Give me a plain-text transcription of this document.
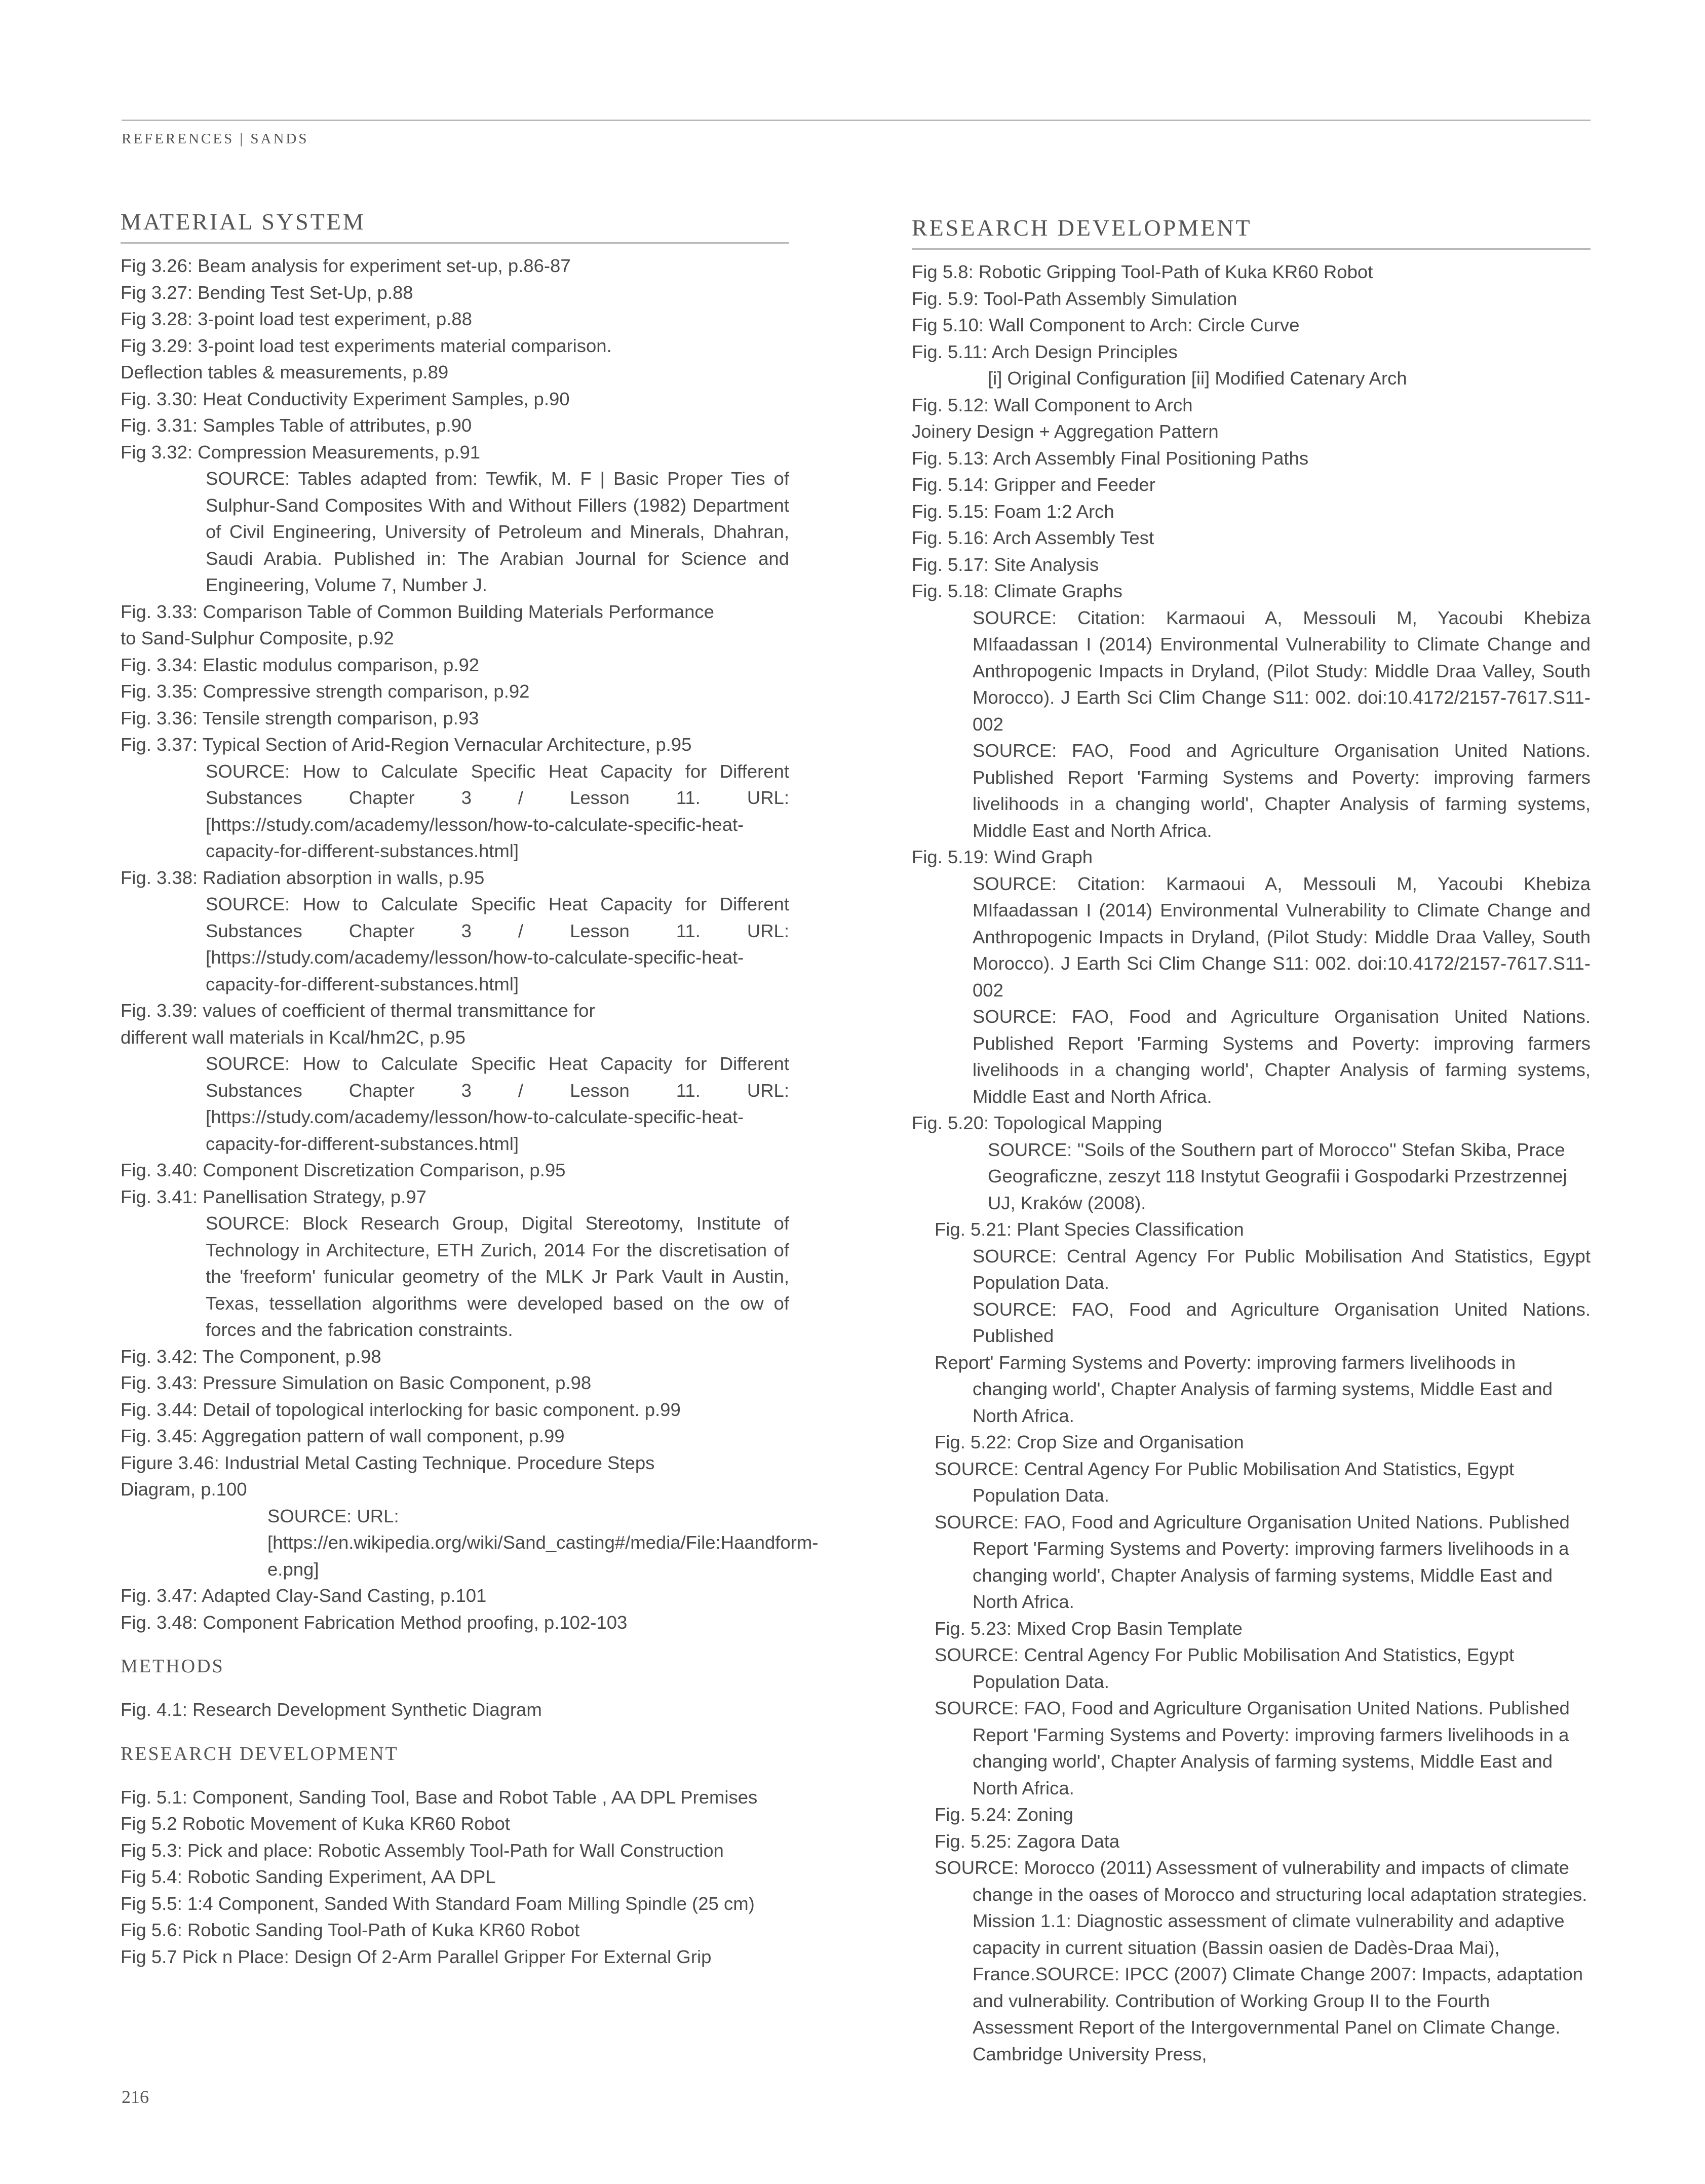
REFERENCES | SANDS
MATERIAL SYSTEM

Fig 3.26: Beam analysis for experiment set-up, p.86-87

Fig 3.27: Bending Test Set-Up, p.88

Fig 3.28: 3-point load test experiment, p.88

Fig 3.29: 3-point load test experiments material comparison.

Deflection tables & measurements, p.89

Fig. 3.30: Heat Conductivity Experiment Samples, p.90

Fig. 3.31: Samples Table of attributes, p.90

Fig 3.32: Compression Measurements, p.91

SOURCE: Tables adapted from: Tewfik, M. F | Basic Proper Ties of Sulphur-Sand Composites With and Without Fillers (1982) Department of Civil Engineering, University of Petroleum and Minerals, Dhahran, Saudi Arabia. Published in: The Arabian Journal for Science and Engineering, Volume 7, Number J.

Fig. 3.33: Comparison Table of Common Building Materials Performance

to Sand-Sulphur Composite, p.92

Fig. 3.34: Elastic modulus comparison, p.92

Fig. 3.35: Compressive strength comparison, p.92

Fig. 3.36: Tensile strength comparison, p.93

Fig. 3.37: Typical Section of Arid-Region Vernacular Architecture, p.95

SOURCE: How to Calculate Specific Heat Capacity for Different Substances Chapter 3 / Lesson 11. URL: [https://study.com/academy/lesson/how-to-calculate-specific-heat-capacity-for-different-substances.html]

Fig. 3.38: Radiation absorption in walls, p.95

SOURCE: How to Calculate Specific Heat Capacity for Different Substances Chapter 3 / Lesson 11. URL: [https://study.com/academy/lesson/how-to-calculate-specific-heat-capacity-for-different-substances.html]

Fig. 3.39: values of coefficient of thermal transmittance for

different wall materials in Kcal/hm2C, p.95

SOURCE: How to Calculate Specific Heat Capacity for Different Substances Chapter 3 / Lesson 11. URL: [https://study.com/academy/lesson/how-to-calculate-specific-heat-capacity-for-different-substances.html]

Fig. 3.40: Component Discretization Comparison, p.95

Fig. 3.41: Panellisation Strategy, p.97

SOURCE: Block Research Group, Digital Stereotomy, Institute of Technology in Architecture, ETH Zurich, 2014 For the discretisation of the 'freeform' funicular geometry of the MLK Jr Park Vault in Austin, Texas, tessellation algorithms were developed based on the ow of forces and the fabrication constraints.

Fig. 3.42: The Component, p.98

Fig. 3.43: Pressure Simulation on Basic Component, p.98

Fig. 3.44: Detail of topological interlocking for basic component. p.99

Fig. 3.45: Aggregation pattern of wall component, p.99

Figure 3.46: Industrial Metal Casting Technique. Procedure Steps

Diagram, p.100

SOURCE: URL: [https://en.wikipedia.org/wiki/Sand_casting#/media/File:Haandform-e.png]

Fig. 3.47: Adapted Clay-Sand Casting, p.101

Fig. 3.48: Component Fabrication Method proofing, p.102-103

METHODS

Fig. 4.1: Research Development Synthetic Diagram

RESEARCH DEVELOPMENT

Fig. 5.1: Component, Sanding Tool, Base and Robot Table , AA DPL Premises

Fig 5.2 Robotic Movement of Kuka KR60 Robot

Fig 5.3: Pick and place: Robotic Assembly Tool-Path for Wall Construction

Fig 5.4: Robotic Sanding Experiment, AA DPL

Fig 5.5: 1:4 Component, Sanded With Standard Foam Milling Spindle (25 cm)

Fig 5.6: Robotic Sanding Tool-Path of Kuka KR60 Robot

Fig 5.7 Pick n Place: Design Of 2-Arm Parallel Gripper For External Grip

RESEARCH DEVELOPMENT

Fig 5.8: Robotic Gripping Tool-Path of Kuka KR60 Robot

Fig. 5.9: Tool-Path Assembly Simulation

Fig 5.10: Wall Component to Arch: Circle Curve

Fig. 5.11: Arch Design Principles

[i] Original Configuration [ii] Modified Catenary Arch

Fig. 5.12: Wall Component to Arch

Joinery Design + Aggregation Pattern

Fig. 5.13: Arch Assembly Final Positioning Paths

Fig. 5.14: Gripper and Feeder

Fig. 5.15: Foam 1:2 Arch

Fig. 5.16: Arch Assembly Test

Fig. 5.17: Site Analysis

Fig. 5.18: Climate Graphs

SOURCE: Citation: Karmaoui A, Messouli M, Yacoubi Khebiza MIfaadassan I (2014) Environmental Vulnerability to Climate Change and Anthropogenic Impacts in Dryland, (Pilot Study: Middle Draa Valley, South Morocco). J Earth Sci Clim Change S11: 002. doi:10.4172/2157-7617.S11-002

SOURCE: FAO, Food and Agriculture Organisation United Nations. Published Report 'Farming Systems and Poverty: improving farmers livelihoods in a changing world', Chapter Analysis of farming systems, Middle East and North Africa.

Fig. 5.19: Wind Graph

SOURCE: Citation: Karmaoui A, Messouli M, Yacoubi Khebiza MIfaadassan I (2014) Environmental Vulnerability to Climate Change and Anthropogenic Impacts in Dryland, (Pilot Study: Middle Draa Valley, South Morocco). J Earth Sci Clim Change S11: 002. doi:10.4172/2157-7617.S11-002

SOURCE: FAO, Food and Agriculture Organisation United Nations. Published Report 'Farming Systems and Poverty: improving farmers livelihoods in a changing world', Chapter Analysis of farming systems, Middle East and North Africa.

Fig. 5.20: Topological Mapping

SOURCE: ''Soils of the Southern part of Morocco'' Stefan Skiba, Prace Geograficzne, zeszyt 118 Instytut Geografii i Gospodarki Przestrzennej UJ, Kraków (2008).

Fig. 5.21: Plant Species Classification

SOURCE: Central Agency For Public Mobilisation And Statistics, Egypt Population Data.

SOURCE: FAO, Food and Agriculture Organisation United Nations. Published

Report' Farming Systems and Poverty: improving farmers livelihoods in changing world', Chapter Analysis of farming systems, Middle East and North Africa.

Fig. 5.22: Crop Size and Organisation

SOURCE: Central Agency For Public Mobilisation And Statistics, Egypt Population Data.

SOURCE: FAO, Food and Agriculture Organisation United Nations. Published Report 'Farming Systems and Poverty: improving farmers livelihoods in a changing world', Chapter Analysis of farming systems, Middle East and North Africa.

Fig. 5.23: Mixed Crop Basin Template

SOURCE: Central Agency For Public Mobilisation And Statistics, Egypt Population Data.

SOURCE: FAO, Food and Agriculture Organisation United Nations. Published Report 'Farming Systems and Poverty: improving farmers livelihoods in a changing world', Chapter Analysis of farming systems, Middle East and North Africa.

Fig. 5.24: Zoning

Fig. 5.25: Zagora Data

SOURCE: Morocco (2011) Assessment of vulnerability and impacts of climate change in the oases of Morocco and structuring local adaptation strategies. Mission 1.1: Diagnostic assessment of climate vulnerability and adaptive capacity in current situation (Bassin oasien de Dadès-Draa Mai), France.SOURCE: IPCC (2007) Climate Change 2007: Impacts, adaptation and vulnerability. Contribution of Working Group II to the Fourth Assessment Report of the Intergovernmental Panel on Climate Change. Cambridge University Press,

216
